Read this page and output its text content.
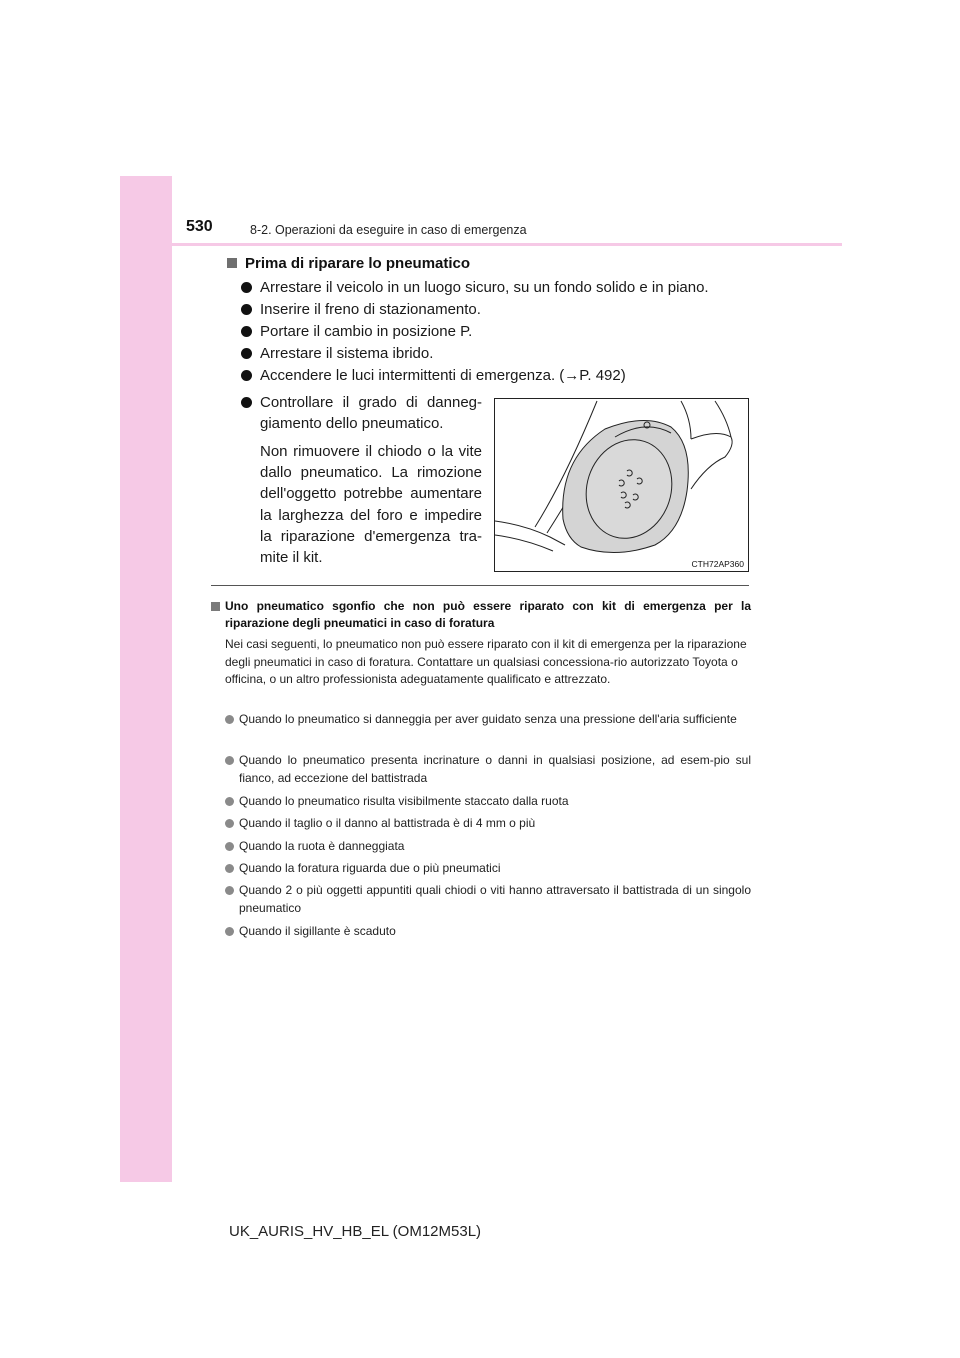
530	8-2. Operazioni da eseguire in caso di emergenza
Prima di riparare lo pneumatico
Arrestare il veicolo in un luogo sicuro, su un fondo solido e in piano.
Inserire il freno di stazionamento.
Portare il cambio in posizione P.
Arrestare il sistema ibrido.
Accendere le luci intermittenti di emergenza. (→P. 492)
Controllare il grado di danneg-
giamento dello pneumatico.
Non rimuovere il chiodo o la vite
dallo pneumatico. La rimozione
dell'oggetto potrebbe aumentare
la larghezza del foro e impedire
la riparazione d'emergenza tra-
mite il kit.	CTH72AP360
Uno pneumatico sgonfio che non può essere riparato con kit di emergenza per la riparazione degli pneumatici in caso di foratura
Nei casi seguenti, lo pneumatico non può essere riparato con il kit di emergenza per la riparazione degli pneumatici in caso di foratura. Contattare un qualsiasi concessiona-rio autorizzato Toyota o officina, o un altro professionista adeguatamente qualificato e attrezzato.
Quando lo pneumatico si danneggia per aver guidato senza una pressione dell'aria sufficiente
Quando lo pneumatico presenta incrinature o danni in qualsiasi posizione, ad esem-pio sul fianco, ad eccezione del battistrada
Quando lo pneumatico risulta visibilmente staccato dalla ruota
Quando il taglio o il danno al battistrada è di 4 mm o più
Quando la ruota è danneggiata
Quando la foratura riguarda due o più pneumatici
Quando 2 o più oggetti appuntiti quali chiodi o viti hanno attraversato il battistrada di un singolo pneumatico
Quando il sigillante è scaduto
UK_AURIS_HV_HB_EL (OM12M53L)
